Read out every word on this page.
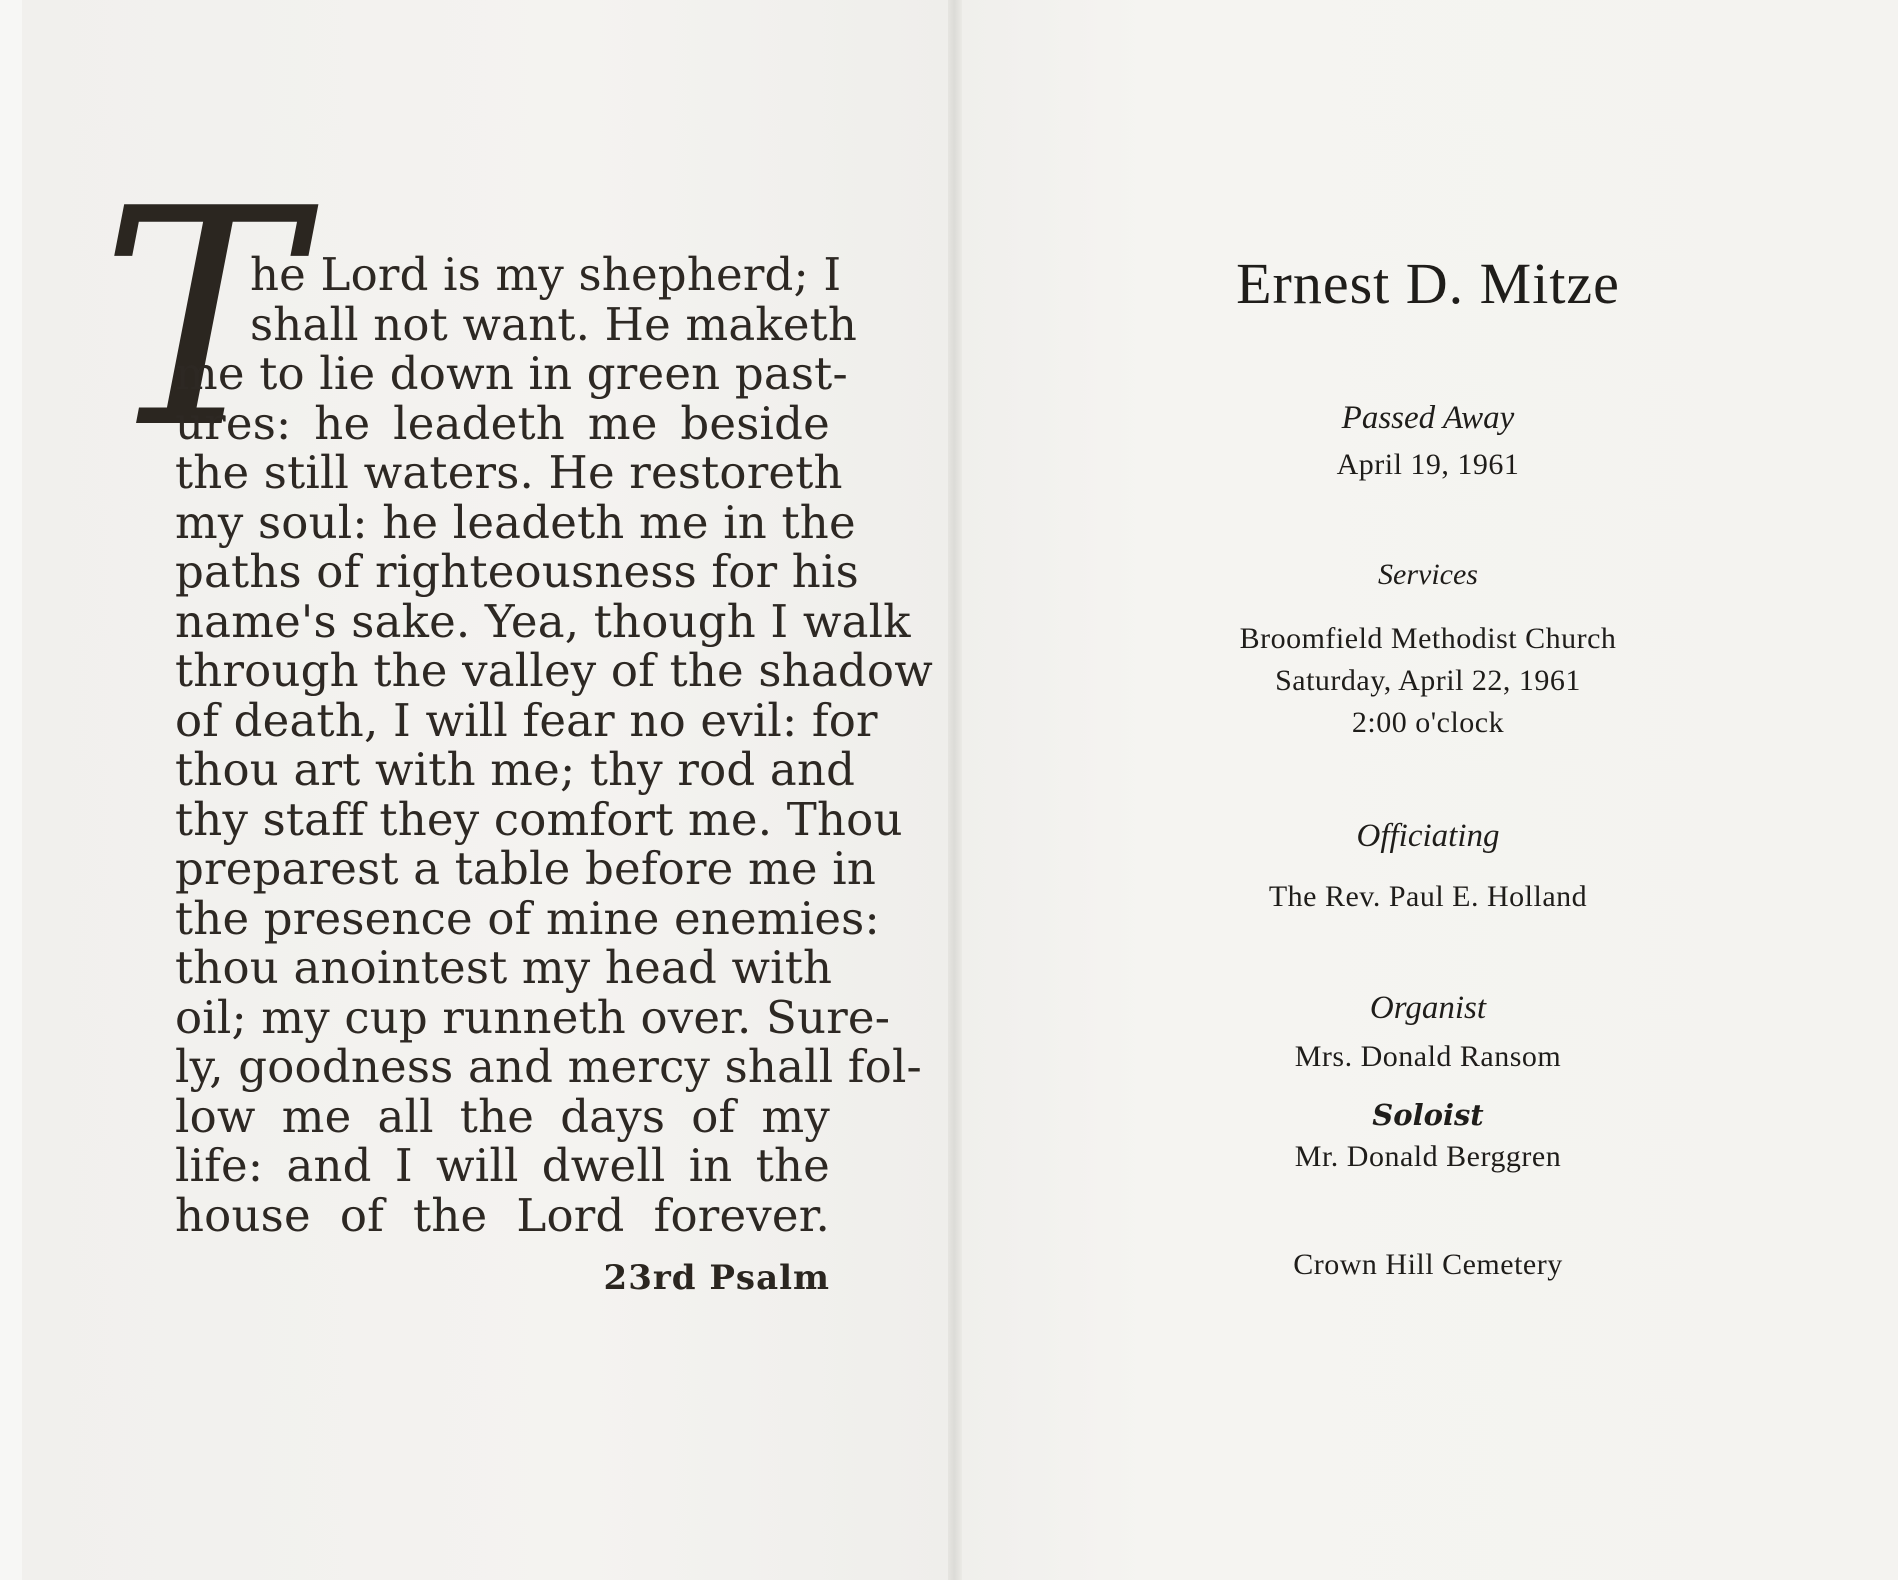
T
he Lord is my shepherd; I
shall not want. He maketh
me to lie down in green past-
ures: he leadeth me beside
the still waters. He restoreth
my soul: he leadeth me in the
paths of righteousness for his
name's sake. Yea, though I walk
through the valley of the shadow
of death, I will fear no evil: for
thou art with me; thy rod and
thy staff they comfort me. Thou
preparest a table before me in
the presence of mine enemies:
thou anointest my head with
oil; my cup runneth over. Sure-
ly, goodness and mercy shall fol-
low me all the days of my
life: and I will dwell in the
house of the Lord forever.
23rd Psalm
Ernest D. Mitze
Passed Away
April 19, 1961
Services
Broomfield Methodist Church
Saturday, April 22, 1961
2:00 o'clock
Officiating
The Rev. Paul E. Holland
Organist
Mrs. Donald Ransom
Soloist
Mr. Donald Berggren
Crown Hill Cemetery
